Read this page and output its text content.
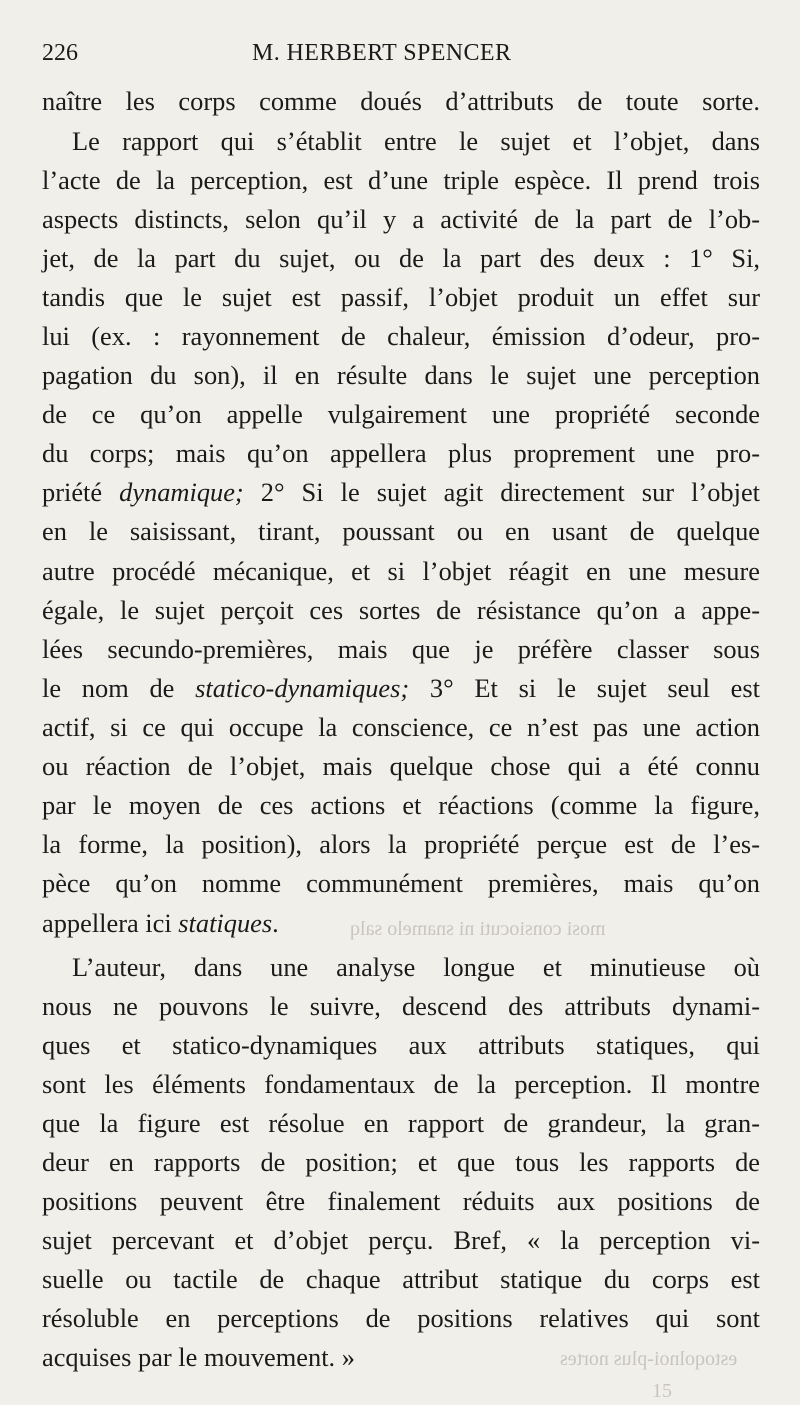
226	M. HERBERT SPENCER
naître les corps comme doués d’attributs de toute sorte.
Le rapport qui s’établit entre le sujet et l’objet, dans
l’acte de la perception, est d’une triple espèce. Il prend trois
aspects distincts, selon qu’il y a activité de la part de l’ob-
jet, de la part du sujet, ou de la part des deux : 1° Si,
tandis que le sujet est passif, l’objet produit un effet sur
lui (ex. : rayonnement de chaleur, émission d’odeur, pro-
pagation du son), il en résulte dans le sujet une perception
de ce qu’on appelle vulgairement une propriété seconde
du corps; mais qu’on appellera plus proprement une pro-
priété dynamique; 2° Si le sujet agit directement sur l’objet
en le saisissant, tirant, poussant ou en usant de quelque
autre procédé mécanique, et si l’objet réagit en une mesure
égale, le sujet perçoit ces sortes de résistance qu’on a appe-
lées secundo-premières, mais que je préfère classer sous
le nom de statico-dynamiques; 3° Et si le sujet seul est
actif, si ce qui occupe la conscience, ce n’est pas une action
ou réaction de l’objet, mais quelque chose qui a été connu
par le moyen de ces actions et réactions (comme la figure,
la forme, la position), alors la propriété perçue est de l’es-
pèce qu’on nomme communément premières, mais qu’on
appellera ici statiques.
L’auteur, dans une analyse longue et minutieuse où
nous ne pouvons le suivre, descend des attributs dynami-
ques et statico-dynamiques aux attributs statiques, qui
sont les éléments fondamentaux de la perception. Il montre
que la figure est résolue en rapport de grandeur, la gran-
deur en rapports de position; et que tous les rapports de
positions peuvent être finalement réduits aux positions de
sujet percevant et d’objet perçu. Bref, « la perception vi-
suelle ou tactile de chaque attribut statique du corps est
résoluble en perceptions de positions relatives qui sont
acquises par le mouvement. »
mosi consiocuti ni snamelo salq
estoqolnoi-plus nortes
15
